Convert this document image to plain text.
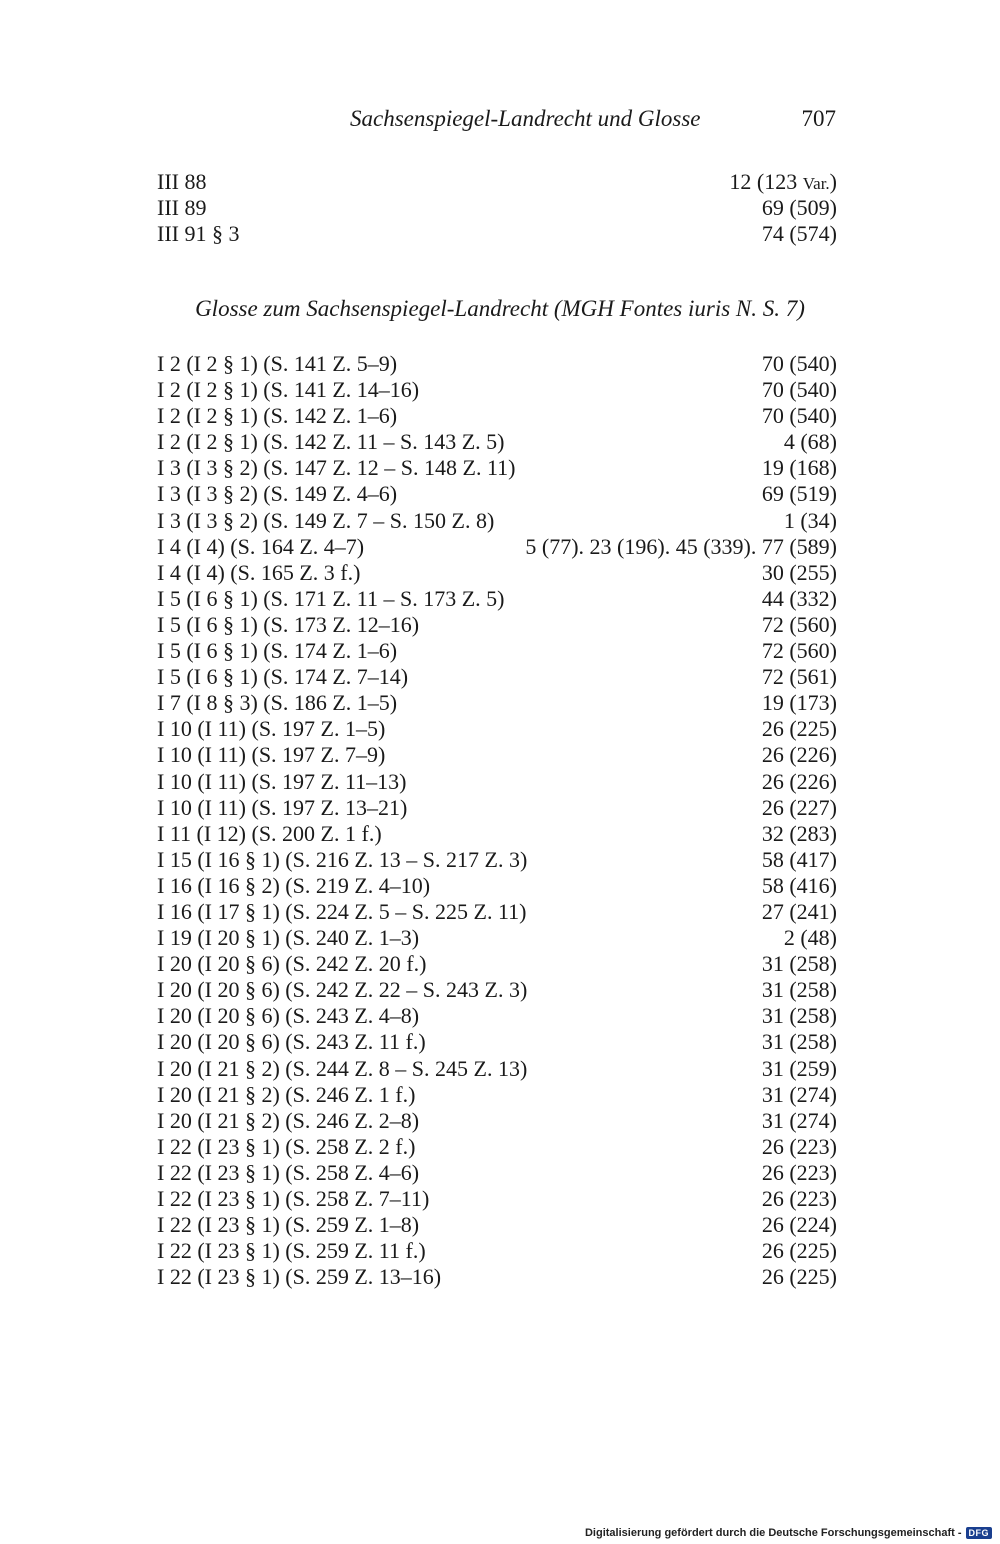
Sachsenspiegel-Landrecht und Glosse	707
III 88	12 (123 Var.)
III 89	69 (509)
III 91 § 3	74 (574)
Glosse zum Sachsenspiegel-Landrecht (MGH Fontes iuris N. S. 7)
I 2 (I 2 § 1) (S. 141 Z. 5–9)	70 (540)
I 2 (I 2 § 1) (S. 141 Z. 14–16)	70 (540)
I 2 (I 2 § 1) (S. 142 Z. 1–6)	70 (540)
I 2 (I 2 § 1) (S. 142 Z. 11 – S. 143 Z. 5)	4 (68)
I 3 (I 3 § 2) (S. 147 Z. 12 – S. 148 Z. 11)	19 (168)
I 3 (I 3 § 2) (S. 149 Z. 4–6)	69 (519)
I 3 (I 3 § 2) (S. 149 Z. 7 – S. 150 Z. 8)	1 (34)
I 4 (I 4) (S. 164 Z. 4–7)	5 (77). 23 (196). 45 (339). 77 (589)
I 4 (I 4) (S. 165 Z. 3 f.)	30 (255)
I 5 (I 6 § 1) (S. 171 Z. 11 – S. 173 Z. 5)	44 (332)
I 5 (I 6 § 1) (S. 173 Z. 12–16)	72 (560)
I 5 (I 6 § 1) (S. 174 Z. 1–6)	72 (560)
I 5 (I 6 § 1) (S. 174 Z. 7–14)	72 (561)
I 7 (I 8 § 3) (S. 186 Z. 1–5)	19 (173)
I 10 (I 11) (S. 197 Z. 1–5)	26 (225)
I 10 (I 11) (S. 197 Z. 7–9)	26 (226)
I 10 (I 11) (S. 197 Z. 11–13)	26 (226)
I 10 (I 11) (S. 197 Z. 13–21)	26 (227)
I 11 (I 12) (S. 200 Z. 1 f.)	32 (283)
I 15 (I 16 § 1) (S. 216 Z. 13 – S. 217 Z. 3)	58 (417)
I 16 (I 16 § 2) (S. 219 Z. 4–10)	58 (416)
I 16 (I 17 § 1) (S. 224 Z. 5 – S. 225 Z. 11)	27 (241)
I 19 (I 20 § 1) (S. 240 Z. 1–3)	2 (48)
I 20 (I 20 § 6) (S. 242 Z. 20 f.)	31 (258)
I 20 (I 20 § 6) (S. 242 Z. 22 – S. 243 Z. 3)	31 (258)
I 20 (I 20 § 6) (S. 243 Z. 4–8)	31 (258)
I 20 (I 20 § 6) (S. 243 Z. 11 f.)	31 (258)
I 20 (I 21 § 2) (S. 244 Z. 8 – S. 245 Z. 13)	31 (259)
I 20 (I 21 § 2) (S. 246 Z. 1 f.)	31 (274)
I 20 (I 21 § 2) (S. 246 Z. 2–8)	31 (274)
I 22 (I 23 § 1) (S. 258 Z. 2 f.)	26 (223)
I 22 (I 23 § 1) (S. 258 Z. 4–6)	26 (223)
I 22 (I 23 § 1) (S. 258 Z. 7–11)	26 (223)
I 22 (I 23 § 1) (S. 259 Z. 1–8)	26 (224)
I 22 (I 23 § 1) (S. 259 Z. 11 f.)	26 (225)
I 22 (I 23 § 1) (S. 259 Z. 13–16)	26 (225)
Digitalisierung gefördert durch die Deutsche Forschungsgemeinschaft - DFG
